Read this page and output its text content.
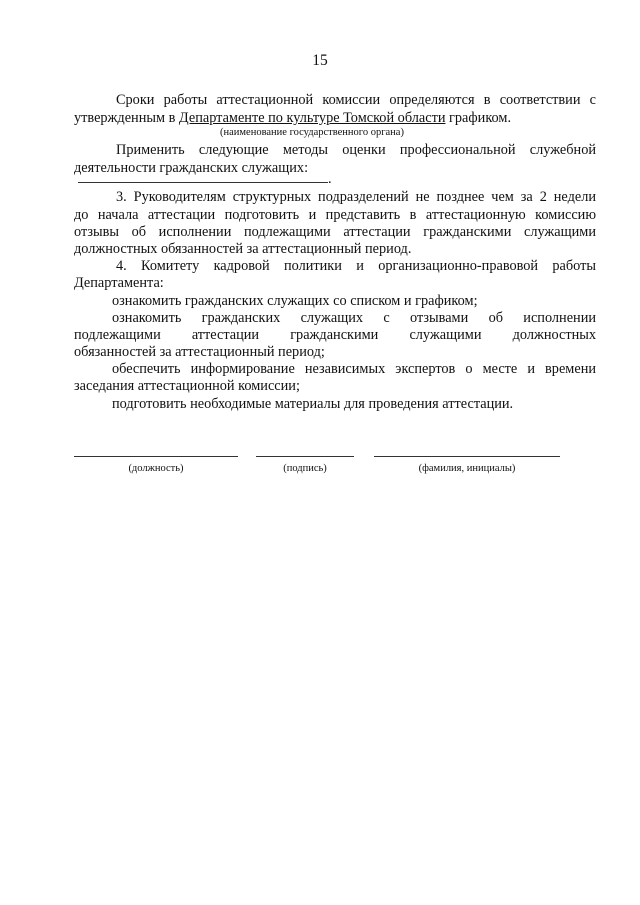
15
Сроки работы аттестационной комиссии определяются в соответствии с
утвержденным в Департаменте по культуре Томской области графиком.
(наименование государственного органа)
Применить следующие методы оценки профессиональной служебной
деятельности гражданских служащих:
.
3. Руководителям структурных подразделений не позднее чем за 2 недели
до начала аттестации подготовить и представить в аттестационную комиссию
отзывы об исполнении подлежащими аттестации гражданскими служащими
должностных обязанностей за аттестационный период.
4. Комитету кадровой политики и организационно-правовой работы
Департамента:
ознакомить гражданских служащих со списком и графиком;
ознакомить гражданских служащих с отзывами об исполнении
подлежащими аттестации гражданскими служащими должностных
обязанностей за аттестационный период;
обеспечить информирование независимых экспертов о месте и времени
заседания аттестационной комиссии;
подготовить необходимые материалы для проведения аттестации.
(должность)	(подпись)	(фамилия, инициалы)
